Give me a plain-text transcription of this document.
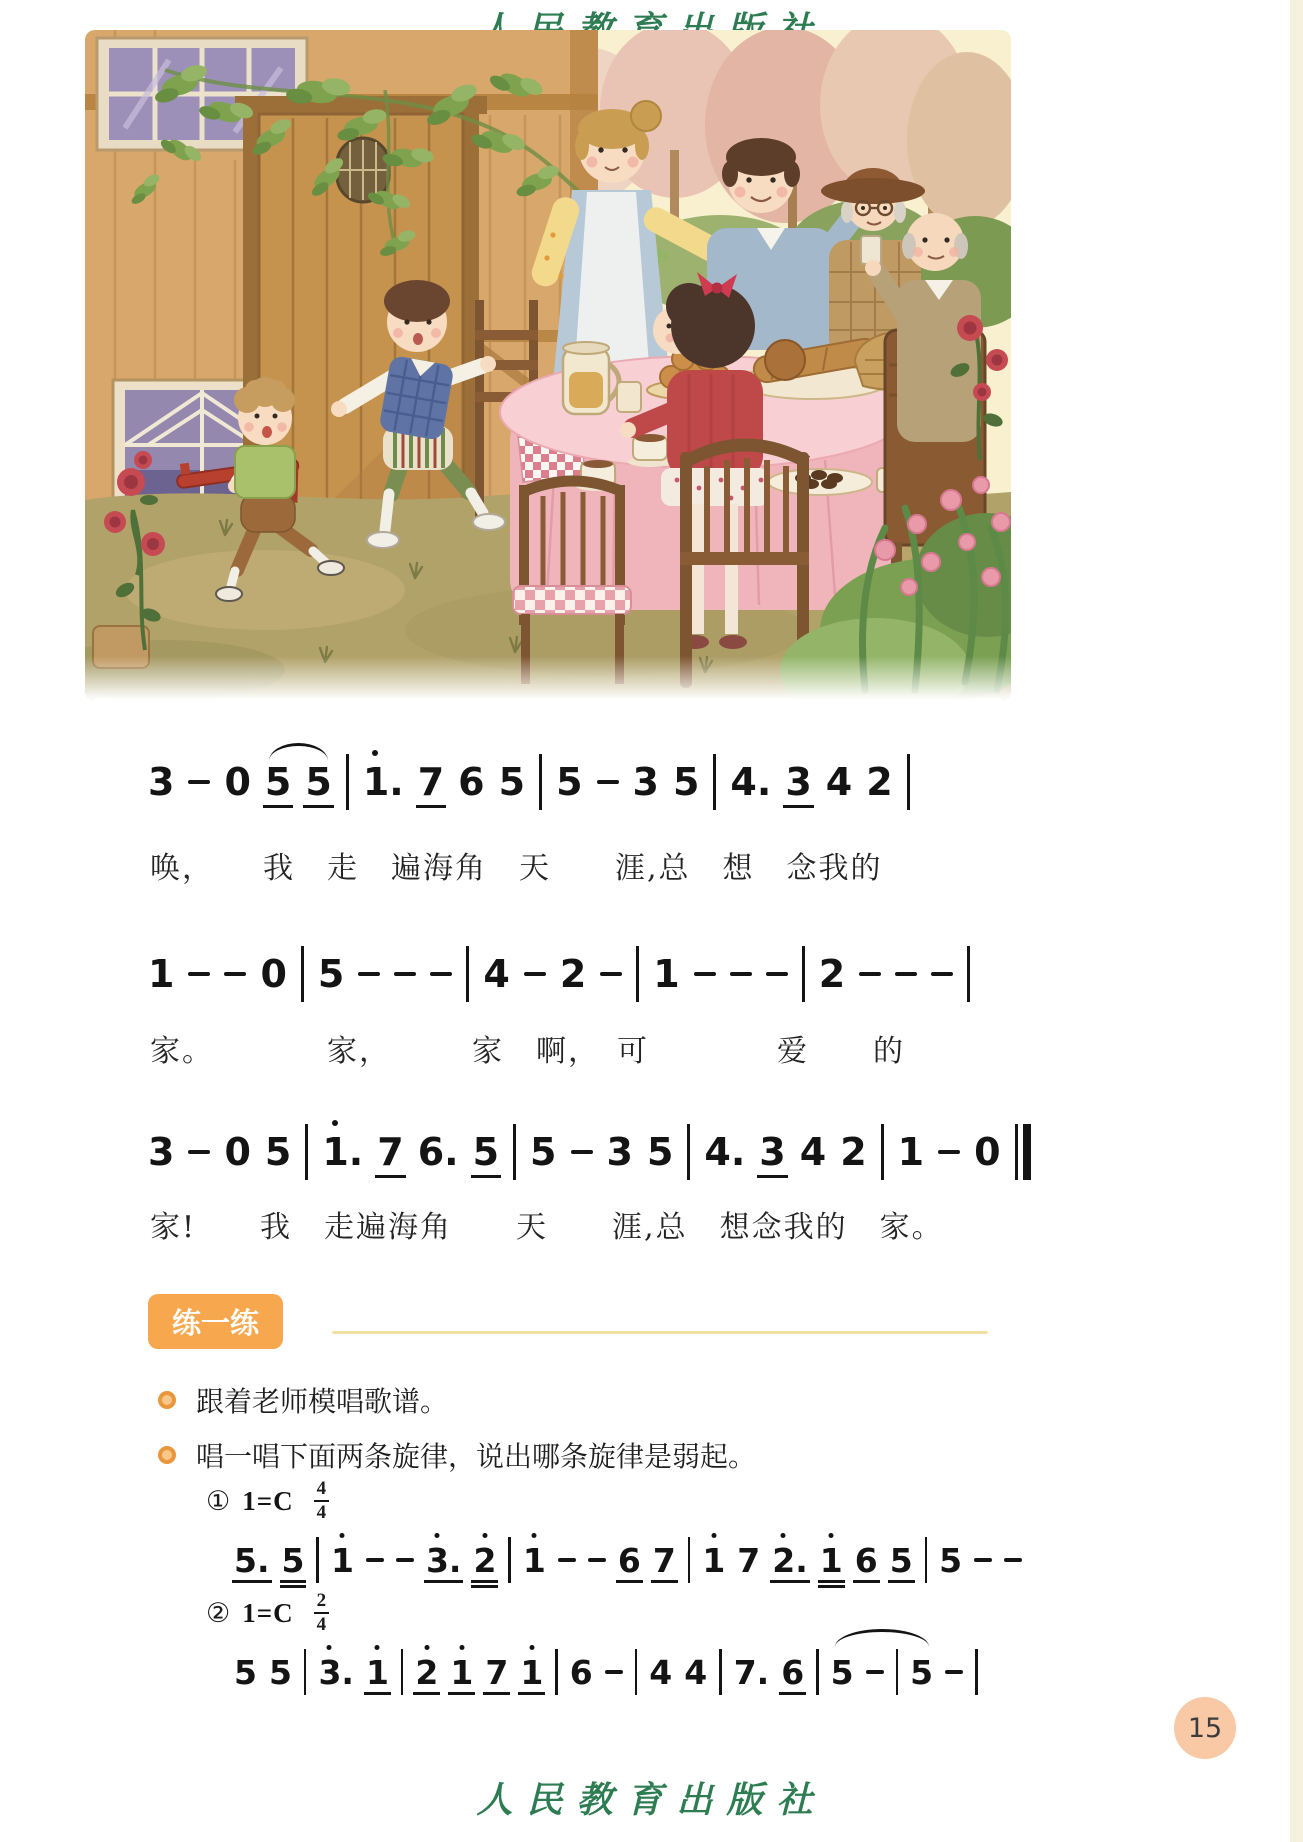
3 0 5 5 1. 7 6 5 5 3 5 4. 3 4 2
唤，　　我　走　遍海角　天　　涯,总　想　念我的
1 0 5	4 2 1	2
家。　　　　家，　　　家　啊，　可　　　　爱　　的
3 0 5 1. 7 6. 5 5 3 5 4. 3 4 2 1 0
家!　　我　走遍海角　　天　　涯,总　想念我的　家。
练一练
跟着老师模唱歌谱。
唱一唱下面两条旋律，说出哪条旋律是弱起。
① 1=C 4
4
5. 5 1 3. 2 1 6 7 1 7 2. 1 6 5 5
② 1=C 2
4
5 5 3. 1 2 1 7 1 6 4 4 7. 6 5 5
15
人民教育出版社
